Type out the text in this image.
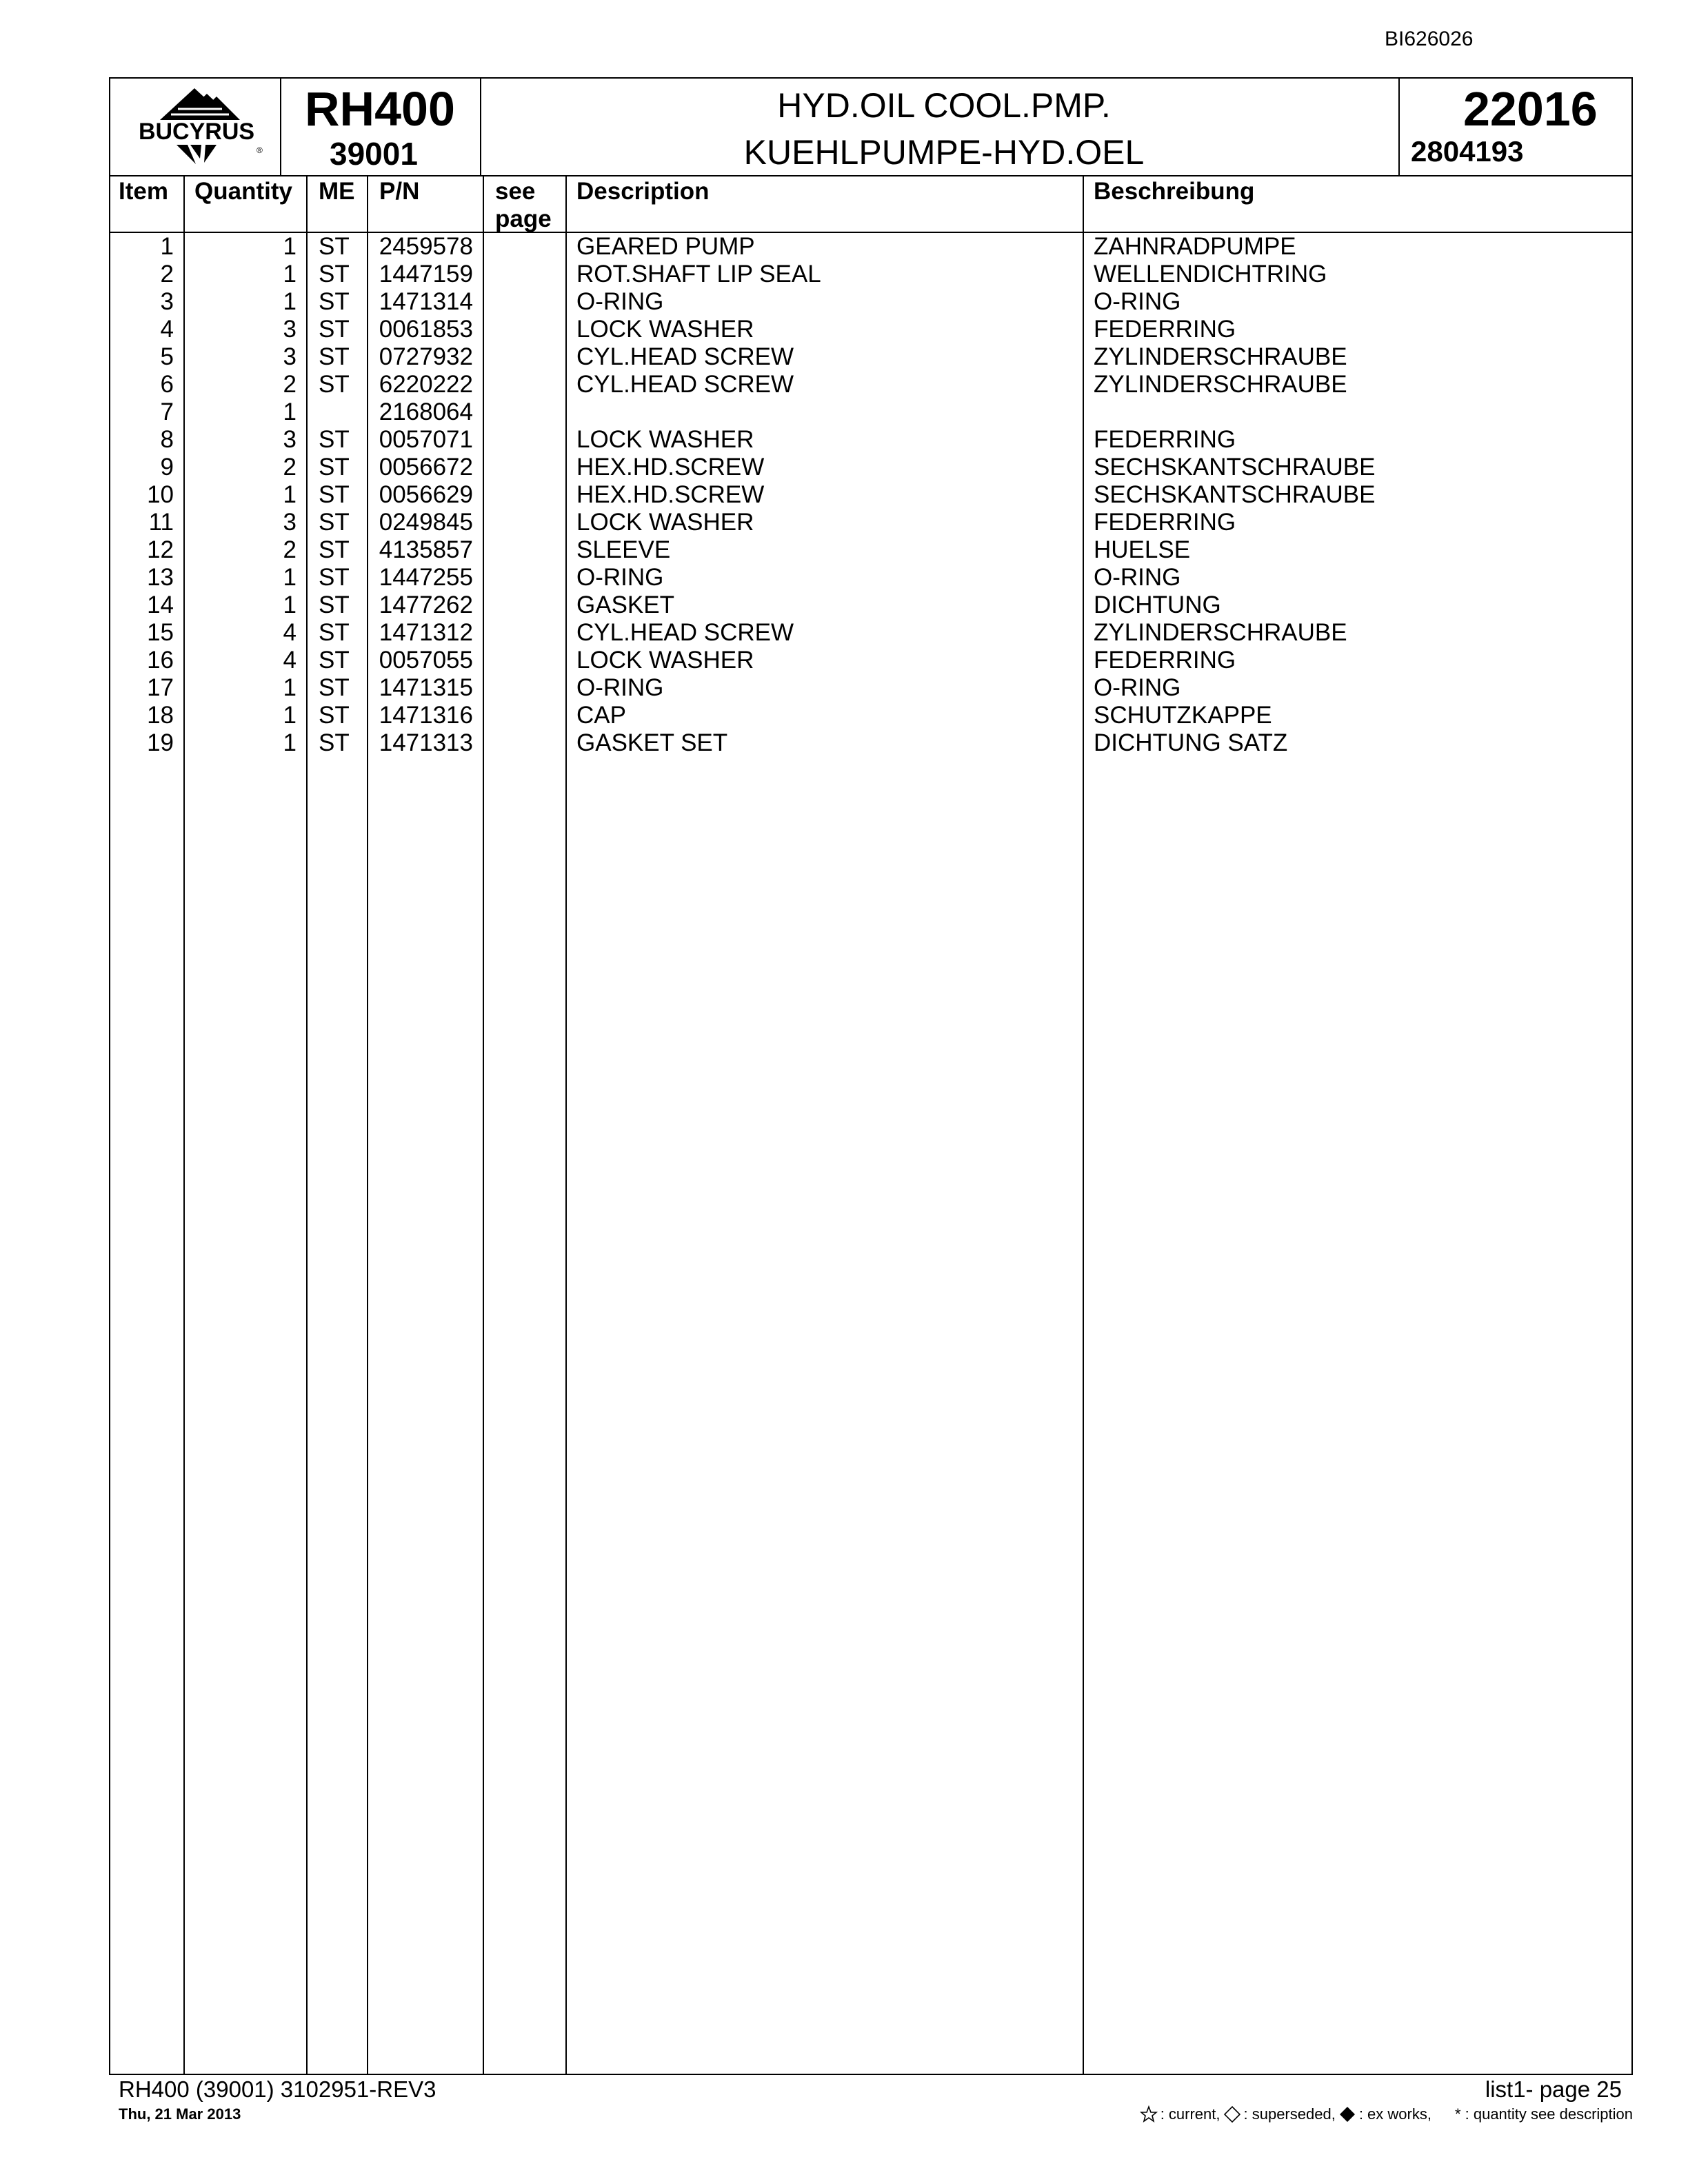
BI626026
BUCYRUS
®
RH400
39001
HYD.OIL COOL.PMP.
KUEHLPUMPE-HYD.OEL
22016
2804193
Item Quantity ME P/N	see
page
Description	Beschreibung
1	1 ST	2459578	GEARED PUMP	ZAHNRADPUMPE
2	1 ST	1447159	ROT.SHAFT LIP SEAL	WELLENDICHTRING
3	1 ST	1471314	O-RING	O-RING
4	3 ST	0061853	LOCK WASHER	FEDERRING
5	3 ST	0727932	CYL.HEAD SCREW	ZYLINDERSCHRAUBE
6	2 ST	6220222	CYL.HEAD SCREW	ZYLINDERSCHRAUBE
7	1	2168064
8	3 ST	0057071	LOCK WASHER	FEDERRING
9	2 ST	0056672	HEX.HD.SCREW	SECHSKANTSCHRAUBE
10	1 ST	0056629	HEX.HD.SCREW	SECHSKANTSCHRAUBE
11	3 ST	0249845	LOCK WASHER	FEDERRING
12	2 ST	4135857	SLEEVE	HUELSE
13	1 ST	1447255	O-RING	O-RING
14	1 ST	1477262	GASKET	DICHTUNG
15	4 ST	1471312	CYL.HEAD SCREW	ZYLINDERSCHRAUBE
16	4 ST	0057055	LOCK WASHER	FEDERRING
17	1 ST	1471315	O-RING	O-RING
18	1 ST	1471316	CAP	SCHUTZKAPPE
19	1 ST	1471313	GASKET SET	DICHTUNG SATZ
RH400 (39001) 3102951-REV3
Thu, 21 Mar 2013
list1- page 25
: current, : superseded, : ex works, * : quantity see description
